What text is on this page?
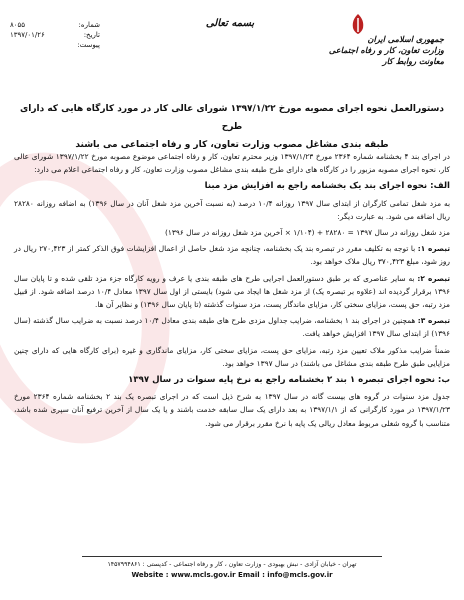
جمهوری اسلامی ایران
وزارت تعاون، کار و رفاه اجتماعی
معاونت روابط کار
بسمه تعالی
شماره:
۸۰۵۵
تاریخ:
۱۳۹۷/۰۱/۲۶
پیوست:
دستورالعمل نحوه اجرای مصوبه مورخ ۱۳۹۷/۱/۲۲ شورای عالی کار در مورد کارگاه هایی که دارای طرح
طبقه بندی مشاغل مصوب وزارت تعاون، کار و رفاه اجتماعی می باشند

در اجرای بند ۴ بخشنامه شماره ۲۳۶۴ مورخ ۱۳۹۷/۱/۲۳ وزیر محترم تعاون، کار و رفاه اجتماعی موضوع مصوبه مورخ ۱۳۹۷/۱/۲۲ شورای عالی کار، نحوه اجرای مصوبه مزبور را در کارگاه های دارای طرح طبقه بندی مشاغل مصوب وزارت تعاون، کار و رفاه اجتماعی اعلام می دارد:

الف: نحوه اجرای بند یک بخشنامه راجع به افزایش مزد مبنا

به مزد شغل تمامی کارگران از ابتدای سال ۱۳۹۷ روزانه ۱۰/۴ درصد (به نسبت آخرین مزد شغل آنان در سال ۱۳۹۶) به اضافه روزانه ۲۸۲۸۰ ریال اضافه می شود. به عبارت دیگر:

مزد شغل روزانه در سال ۱۳۹۷ = ۲۸۲۸۰ + (۱/۱۰۴ × آخرین مزد شغل روزانه در سال ۱۳۹۶)

تبصره ۱: با توجه به تکلیف مقرر در تبصره بند یک بخشنامه، چنانچه مزد شغل حاصل از اعمال افزایشات فوق الذکر کمتر از ۲۷۰,۴۲۳ ریال در روز شود، مبلغ ۳۷۰,۴۲۳ ریال ملاک خواهد بود.

تبصره ۲: به سایر عناصری که بر طبق دستورالعمل اجرایی طرح های طبقه بندی یا عرف و رویه کارگاه جزء مزد تلقی شده و تا پایان سال ۱۳۹۶ برقرار گردیده اند (علاوه بر تبصره یک) از مزد شغل ها ایجاد می شود) بایستی از اول سال ۱۳۹۷ معادل ۱۰/۴ درصد اضافه شود. از قبیل مزد رتبه، حق پست، مزایای سختی کار، مزایای ماندگار پست، مزد سنوات گذشته (تا پایان سال ۱۳۹۶) و نظایر آن ها.

تبصره ۳: همچنین در اجرای بند ۱ بخشنامه، ضرایب جداول مزدی طرح های طبقه بندی معادل ۱۰/۴ درصد نسبت به ضرایب سال گذشته (سال ۱۳۹۶) از ابتدای سال ۱۳۹۷ افزایش خواهد یافت.

ضمناً ضرایب مذکور ملاک تعیین مزد رتبه، مزایای حق پست، مزایای سختی کار، مزایای ماندگاری و غیره (برای کارگاه هایی که دارای چنین مزایایی طبق طرح طبقه بندی مشاغل می باشند) در سال ۱۳۹۷ خواهد بود.

ب: نحوه اجرای تبصره ۱ بند ۲ بخشنامه راجع به نرخ پایه سنوات در سال ۱۳۹۷

جدول مزد سنوات در گروه های بیست گانه در سال ۱۳۹۷ به شرح ذیل است که در اجرای تبصره یک بند ۲ بخشنامه شماره ۲۳۶۴ مورخ ۱۳۹۷/۱/۲۳ در مورد کارگرانی که از ۱۳۹۷/۱/۱ به بعد دارای یک سال سابقه خدمت باشند و یا یک سال از آخرین ترفیع آنان سپری شده باشد، متناسب با گروه شغلی مربوط معادل ریالی یک پایه با نرخ مقرر برقرار می شود.

تهران - خیابان آزادی - نبش بهبودی - وزارت تعاون ، کار و رفاه اجتماعی - کدپستی : ۱۴۵۷۹۹۴۸۶۱
Website : www.mcls.gov.ir Email : info@mcls.gov.ir
